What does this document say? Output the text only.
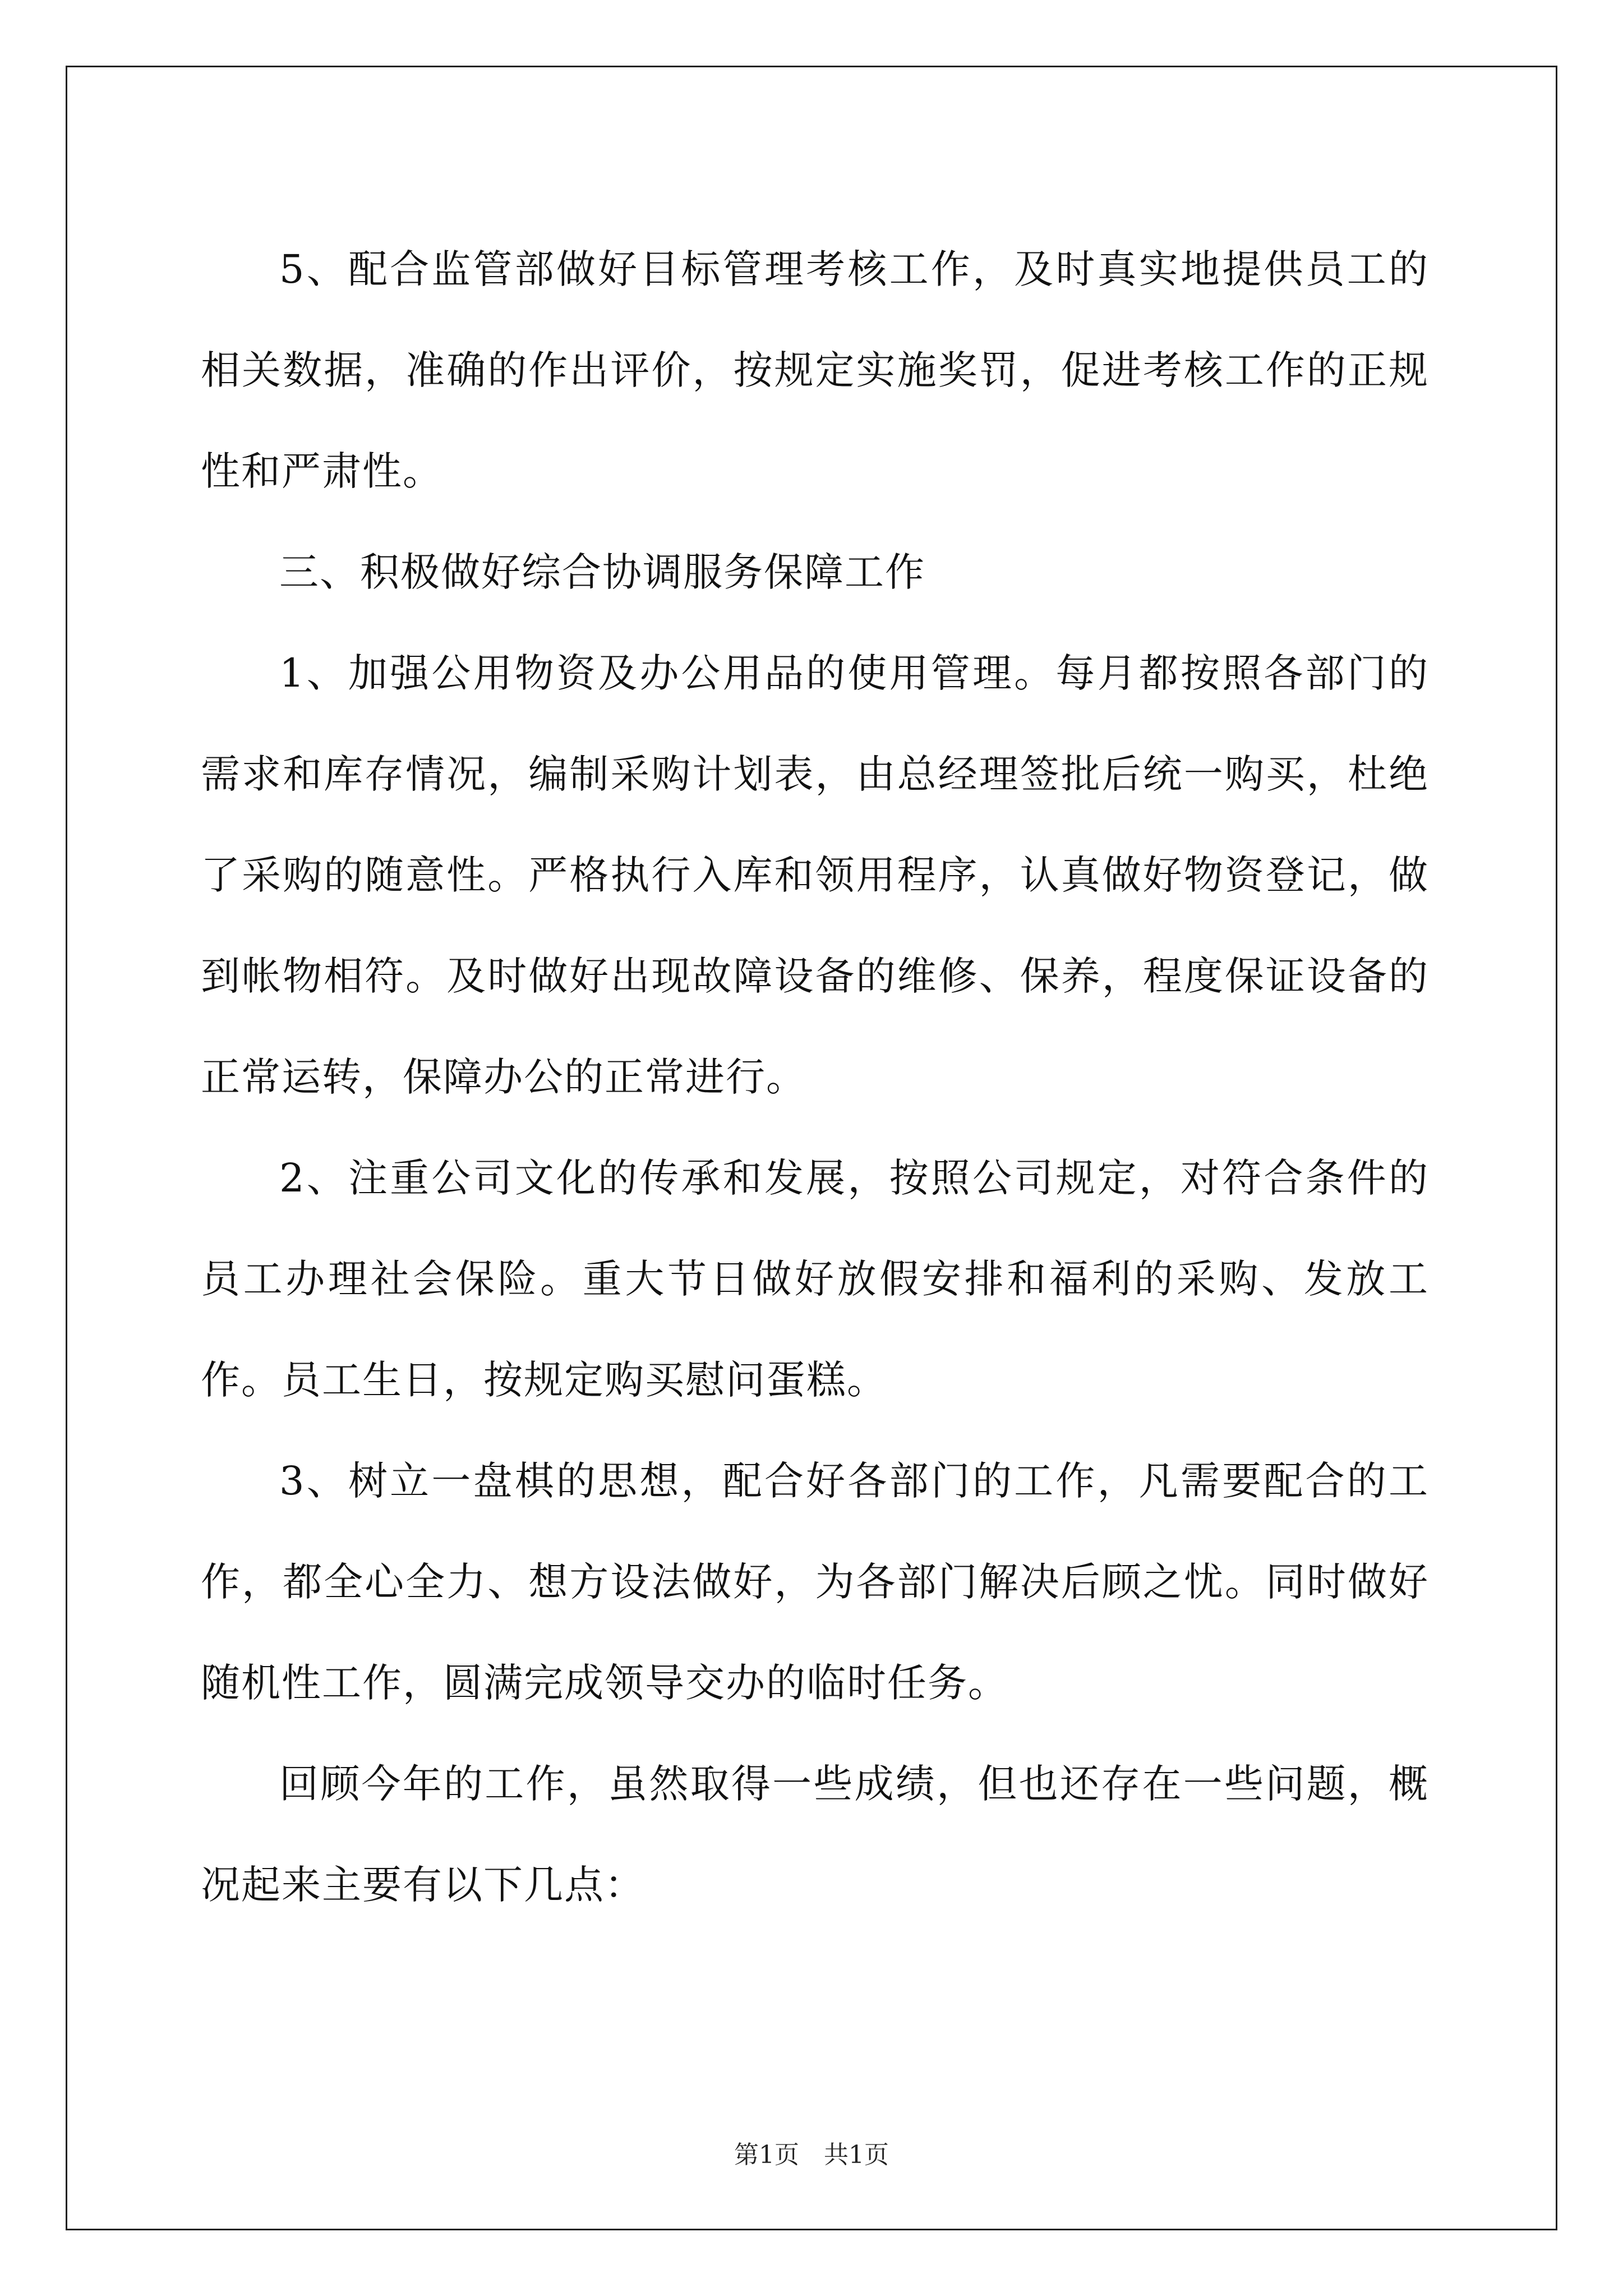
5、配合监管部做好目标管理考核工作，及时真实地提供员工的相关数据，准确的作出评价，按规定实施奖罚，促进考核工作的正规性和严肃性。

三、积极做好综合协调服务保障工作

1、加强公用物资及办公用品的使用管理。每月都按照各部门的需求和库存情况，编制采购计划表，由总经理签批后统一购买，杜绝了采购的随意性。严格执行入库和领用程序，认真做好物资登记，做到帐物相符。及时做好出现故障设备的维修、保养，程度保证设备的正常运转，保障办公的正常进行。

2、注重公司文化的传承和发展，按照公司规定，对符合条件的员工办理社会保险。重大节日做好放假安排和福利的采购、发放工作。员工生日，按规定购买慰问蛋糕。

3、树立一盘棋的思想，配合好各部门的工作，凡需要配合的工作，都全心全力、想方设法做好，为各部门解决后顾之忧。同时做好随机性工作，圆满完成领导交办的临时任务。

回顾今年的工作，虽然取得一些成绩，但也还存在一些问题，概况起来主要有以下几点：

第1页　共1页
